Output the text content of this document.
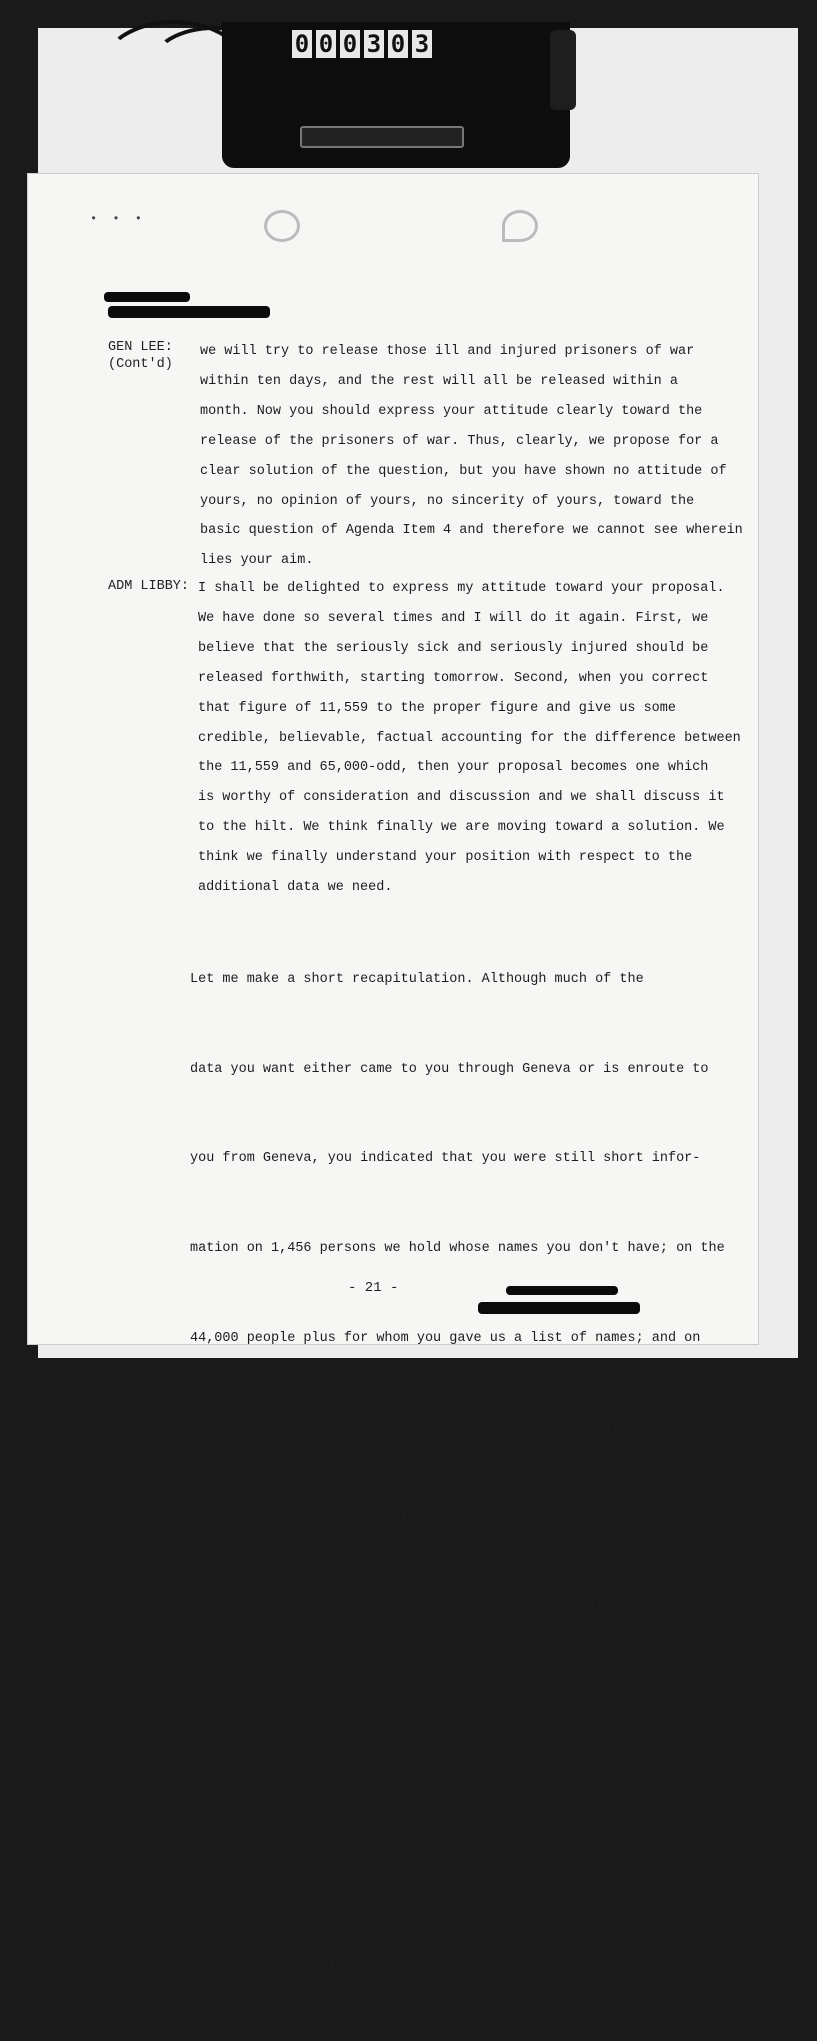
0 0 0 3 0 3
• • •
GEN LEE:
(Cont'd)
we will try to release those ill and injured prisoners of war
within ten days, and the rest will all be released within a
month. Now you should express your attitude clearly toward the
release of the prisoners of war. Thus, clearly, we propose for a
clear solution of the question, but you have shown no attitude of
yours, no opinion of yours, no sincerity of yours, toward the
basic question of Agenda Item 4 and therefore we cannot see wherein
lies your aim.
ADM LIBBY: I shall be delighted to express my attitude toward your proposal.
We have done so several times and I will do it again. First, we
believe that the seriously sick and seriously injured should be
released forthwith, starting tomorrow. Second, when you correct
that figure of 11,559 to the proper figure and give us some
credible, believable, factual accounting for the difference between
the 11,559 and 65,000-odd, then your proposal becomes one which
is worthy of consideration and discussion and we shall discuss it
to the hilt. We think finally we are moving toward a solution. We
think we finally understand your position with respect to the
additional data we need.

Let me make a short recapitulation. Although much of the

data you want either came to you through Geneva or is enroute to

you from Geneva, you indicated that you were still short infor-

mation on 1,456 persons we hold whose names you don't have; on the

44,000 people plus for whom you gave us a list of names; and on

certain information regarding ranks and units. You also indicated,

we finally discovered, that you need to have the following infor-

mation brought up to date: first, deaths in captivity; second,

escapees. Since we now know exactly what you need to bring your

data fully up to date, we will gladly give it to you just as soon

as we can put it together. Clearly, then, you will have full

information on all the prisoners of war who have been in our hands

- 21 -
